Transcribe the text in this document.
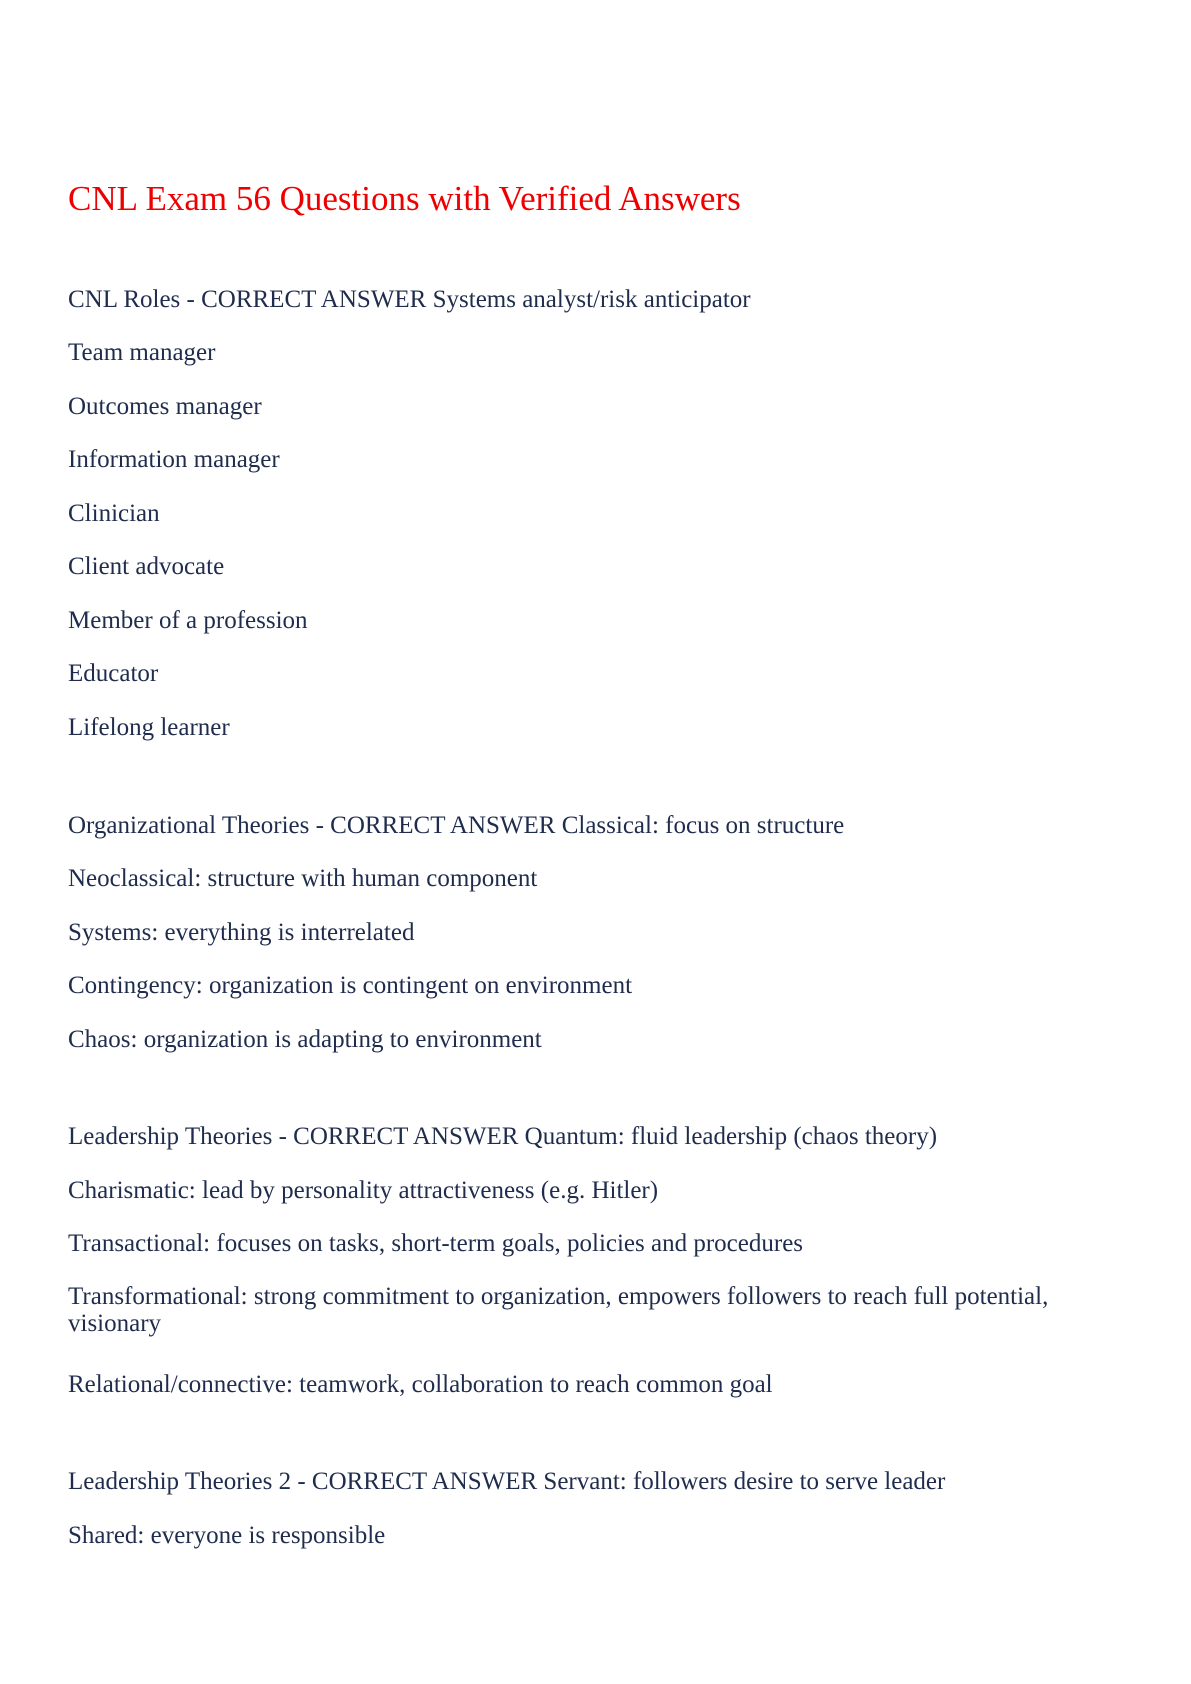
CNL Exam 56 Questions with Verified Answers

CNL Roles - CORRECT ANSWER Systems analyst/risk anticipator

Team manager

Outcomes manager

Information manager

Clinician

Client advocate

Member of a profession

Educator

Lifelong learner

Organizational Theories - CORRECT ANSWER Classical: focus on structure

Neoclassical: structure with human component

Systems: everything is interrelated

Contingency: organization is contingent on environment

Chaos: organization is adapting to environment

Leadership Theories - CORRECT ANSWER Quantum: fluid leadership (chaos theory)

Charismatic: lead by personality attractiveness (e.g. Hitler)

Transactional: focuses on tasks, short-term goals, policies and procedures

Transformational: strong commitment to organization, empowers followers to reach full potential, visionary

Relational/connective: teamwork, collaboration to reach common goal

Leadership Theories 2 - CORRECT ANSWER Servant: followers desire to serve leader

Shared: everyone is responsible
